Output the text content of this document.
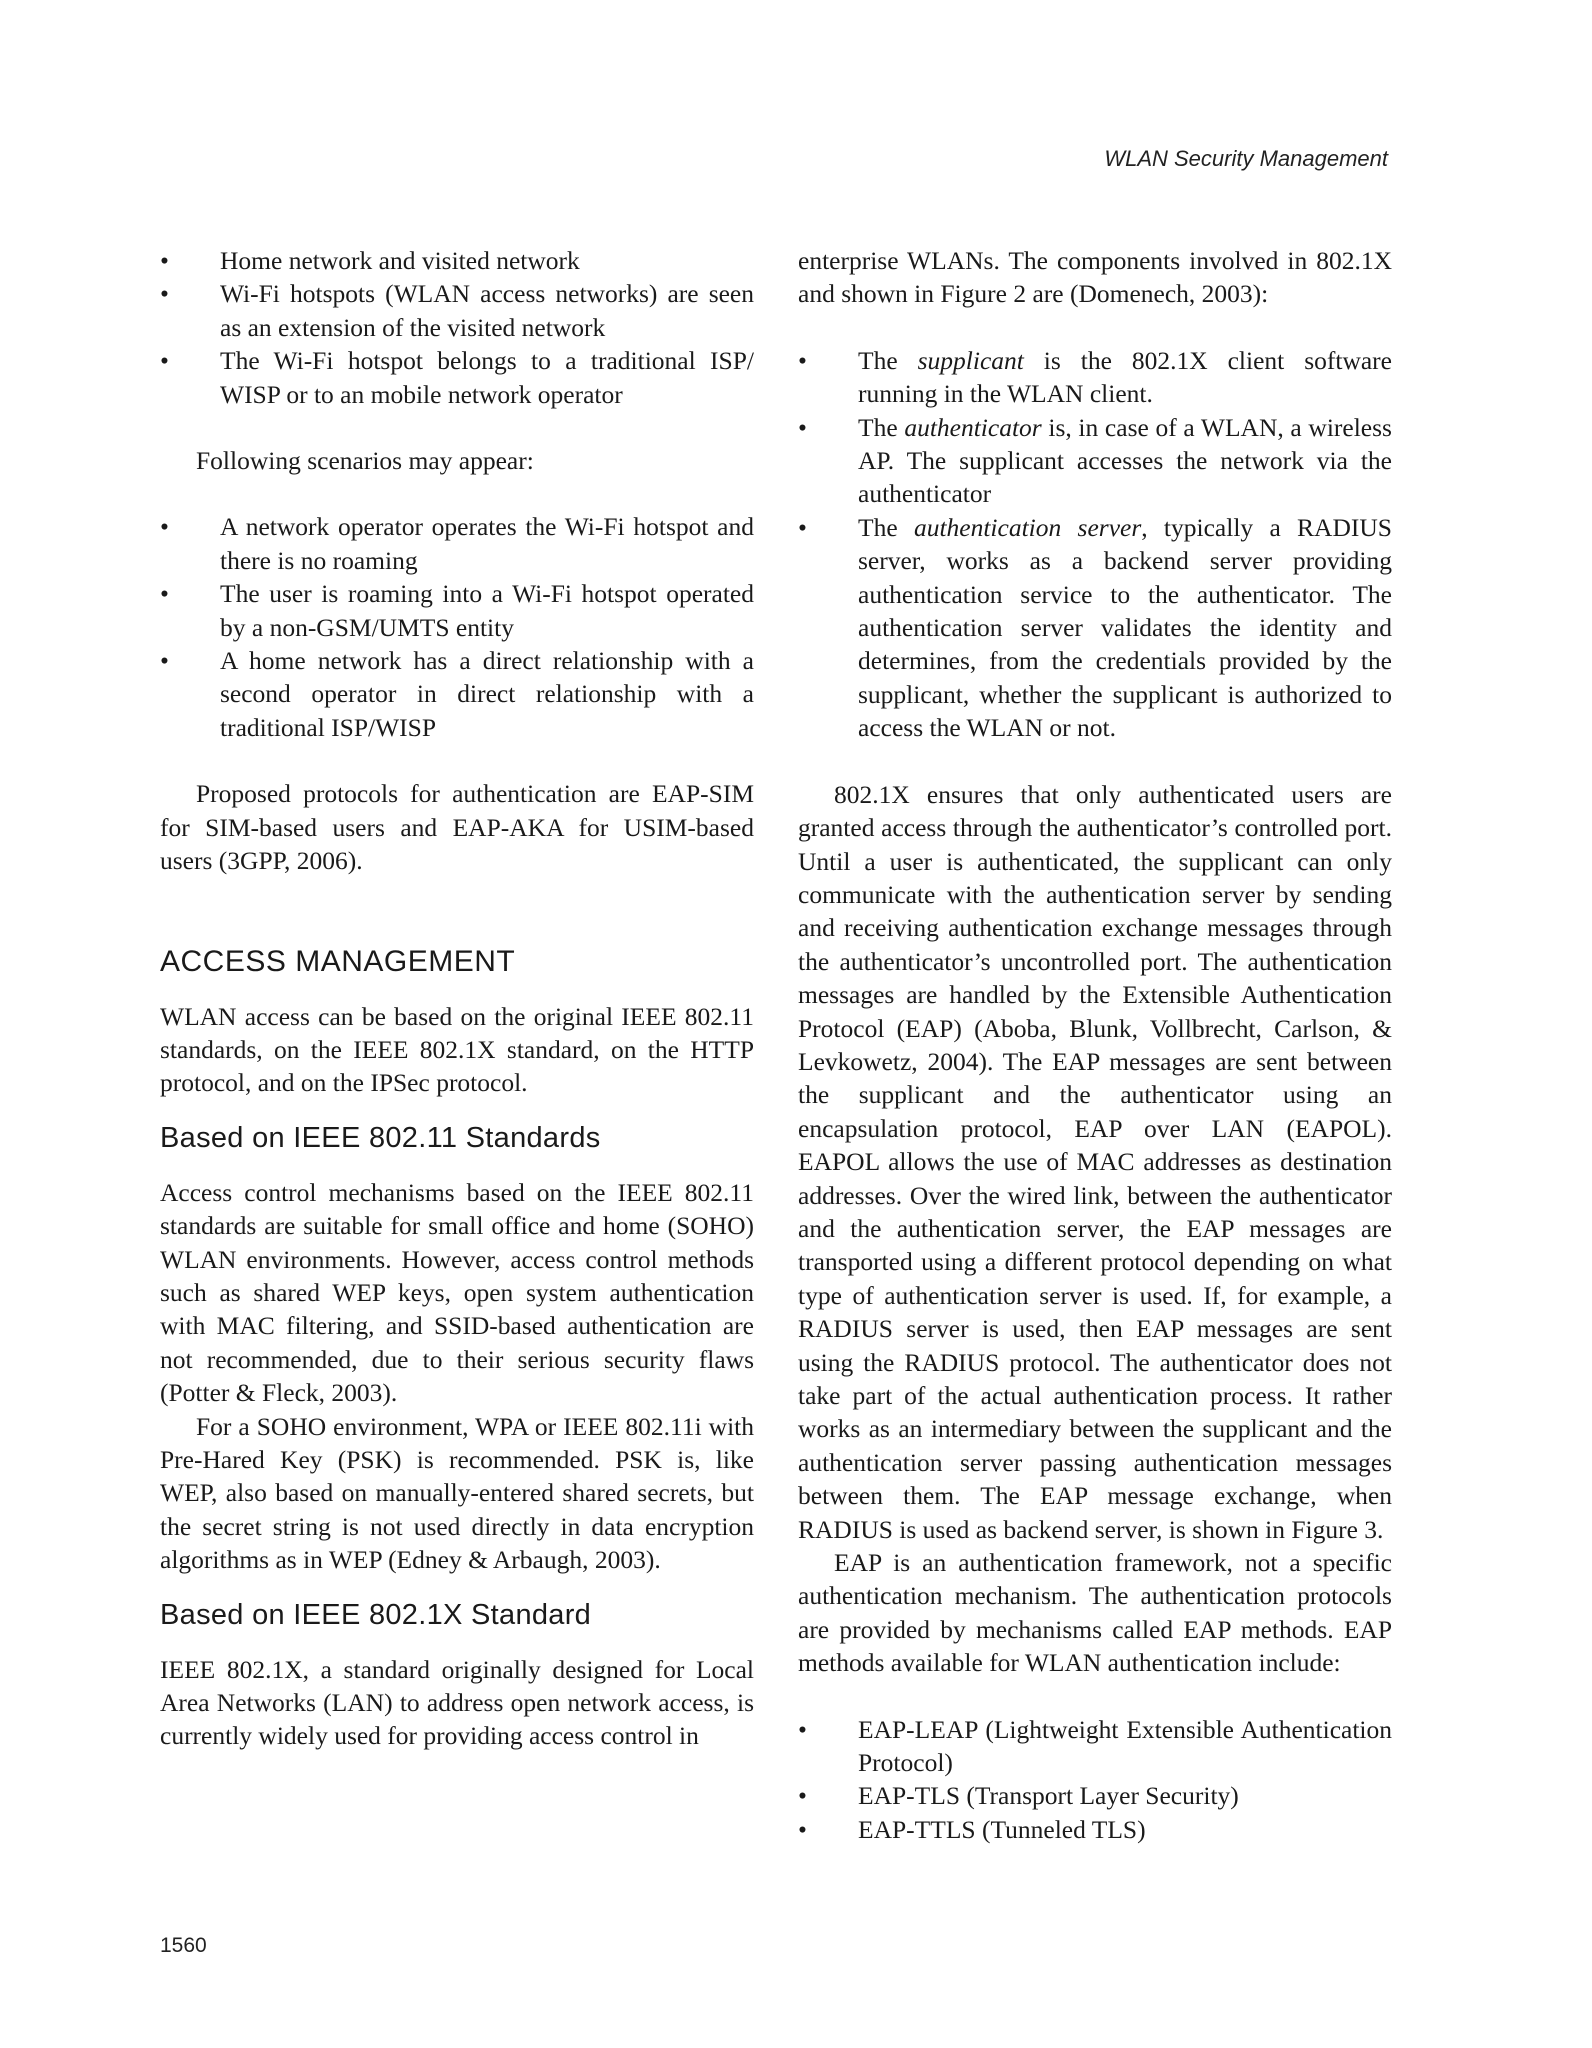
WLAN Security Management
• Home network and visited network
• Wi-Fi hotspots (WLAN access networks) are seen as an extension of the visited network
• The Wi-Fi hotspot belongs to a traditional ISP/ WISP or to an mobile network operator

Following scenarios may appear:

• A network operator operates the Wi-Fi hotspot and there is no roaming
• The user is roaming into a Wi-Fi hotspot operated by a non-GSM/UMTS entity
• A home network has a direct relationship with a second operator in direct relationship with a traditional ISP/WISP

Proposed protocols for authentication are EAP-SIM for SIM-based users and EAP-AKA for USIM-based users (3GPP, 2006).

ACCESS MANAGEMENT

WLAN access can be based on the original IEEE 802.11 standards, on the IEEE 802.1X standard, on the HTTP protocol, and on the IPSec protocol.

Based on IEEE 802.11 Standards

Access control mechanisms based on the IEEE 802.11 standards are suitable for small office and home (SOHO) WLAN environments. However, access control methods such as shared WEP keys, open system authentication with MAC filtering, and SSID-based authentication are not recommended, due to their serious security flaws (Potter & Fleck, 2003).

For a SOHO environment, WPA or IEEE 802.11i with Pre-Hared Key (PSK) is recommended. PSK is, like WEP, also based on manually-entered shared secrets, but the secret string is not used directly in data encryption algorithms as in WEP (Edney & Arbaugh, 2003).

Based on IEEE 802.1X Standard

IEEE 802.1X, a standard originally designed for Local Area Networks (LAN) to address open network access, is currently widely used for providing access control in

enterprise WLANs. The components involved in 802.1X and shown in Figure 2 are (Domenech, 2003):

• The supplicant is the 802.1X client software running in the WLAN client.
• The authenticator is, in case of a WLAN, a wireless AP. The supplicant accesses the network via the authenticator
• The authentication server, typically a RADIUS server, works as a backend server providing authentication service to the authenticator. The authentication server validates the identity and determines, from the credentials provided by the supplicant, whether the supplicant is authorized to access the WLAN or not.

802.1X ensures that only authenticated users are granted access through the authenticator’s controlled port. Until a user is authenticated, the supplicant can only communicate with the authentication server by sending and receiving authentication exchange messages through the authenticator’s uncontrolled port. The authentication messages are handled by the Extensible Authentication Protocol (EAP) (Aboba, Blunk, Vollbrecht, Carlson, & Levkowetz, 2004). The EAP messages are sent between the supplicant and the authenticator using an encapsulation protocol, EAP over LAN (EAPOL). EAPOL allows the use of MAC addresses as destination addresses. Over the wired link, between the authenticator and the authentication server, the EAP messages are transported using a different protocol depending on what type of authentication server is used. If, for example, a RADIUS server is used, then EAP messages are sent using the RADIUS protocol. The authenticator does not take part of the actual authentication process. It rather works as an intermediary between the supplicant and the authentication server passing authentication messages between them. The EAP message exchange, when RADIUS is used as backend server, is shown in Figure 3.

EAP is an authentication framework, not a specific authentication mechanism. The authentication protocols are provided by mechanisms called EAP methods. EAP methods available for WLAN authentication include:

• EAP-LEAP (Lightweight Extensible Authentication Protocol)
• EAP-TLS (Transport Layer Security)
• EAP-TTLS (Tunneled TLS)
1560
